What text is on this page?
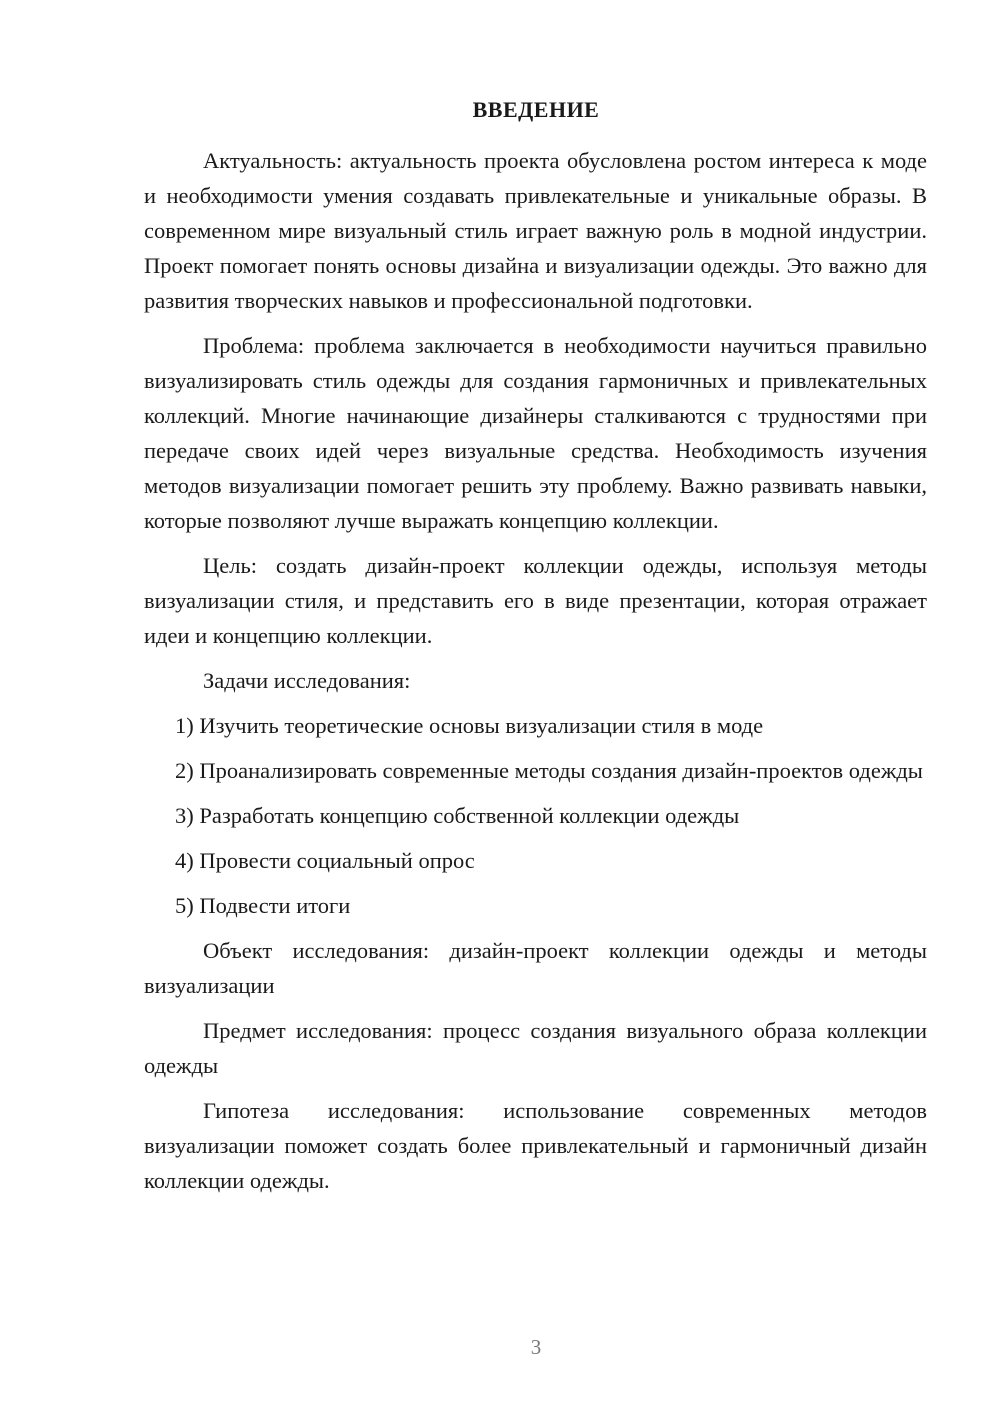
ВВЕДЕНИЕ

Актуальность: актуальность проекта обусловлена ростом интереса к моде и необходимости умения создавать привлекательные и уникальные образы. В современном мире визуальный стиль играет важную роль в модной индустрии. Проект помогает понять основы дизайна и визуализации одежды. Это важно для развития творческих навыков и профессиональной подготовки.

Проблема: проблема заключается в необходимости научиться правильно визуализировать стиль одежды для создания гармоничных и привлекательных коллекций. Многие начинающие дизайнеры сталкиваются с трудностями при передаче своих идей через визуальные средства. Необходимость изучения методов визуализации помогает решить эту проблему. Важно развивать навыки, которые позволяют лучше выражать концепцию коллекции.

Цель: создать дизайн-проект коллекции одежды, используя методы визуализации стиля, и представить его в виде презентации, которая отражает идеи и концепцию коллекции.

Задачи исследования:

1) Изучить теоретические основы визуализации стиля в моде

2) Проанализировать современные методы создания дизайн-проектов одежды

3) Разработать концепцию собственной коллекции одежды

4) Провести социальный опрос

5) Подвести итоги

Объект исследования: дизайн-проект коллекции одежды и методы визуализации

Предмет исследования: процесс создания визуального образа коллекции одежды

Гипотеза исследования: использование современных методов визуализации поможет создать более привлекательный и гармоничный дизайн коллекции одежды.

3
